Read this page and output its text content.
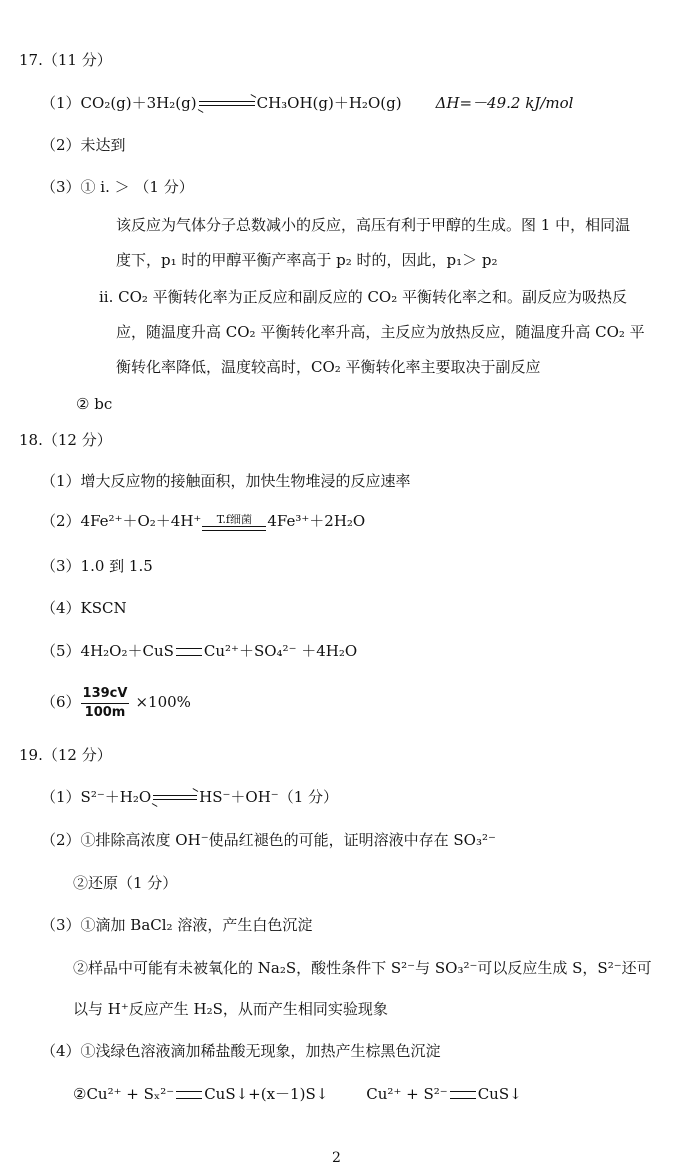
17.（11 分）
（1）CO₂(g)＋3H₂(g)	CH₃OH(g)＋H₂O(g) ΔH=－49.2 kJ/mol
（2）未达到
（3）① i. ＞ （1 分）
该反应为气体分子总数减小的反应，高压有利于甲醇的生成。图 1 中，相同温
度下，p₁ 时的甲醇平衡产率高于 p₂ 时的，因此，p₁＞ p₂
ii. CO₂ 平衡转化率为正反应和副反应的 CO₂ 平衡转化率之和。副反应为吸热反
应，随温度升高 CO₂ 平衡转化率升高，主反应为放热反应，随温度升高 CO₂ 平
衡转化率降低，温度较高时，CO₂ 平衡转化率主要取决于副反应
② bc
18.（12 分）
（1）增大反应物的接触面积，加快生物堆浸的反应速率
（2）4Fe²⁺＋O₂＋4H⁺	T.f细菌	4Fe³⁺＋2H₂O
（3）1.0 到 1.5
（4）KSCN
（5）4H₂O₂＋CuS Cu²⁺＋SO₄²⁻ ＋4H₂O
$(6) \frac{139cV}{100m} \times 100\%$
19.（12 分）
（1）S²⁻＋H₂O	HS⁻＋OH⁻（1 分）
（2）①排除高浓度 OH⁻使品红褪色的可能，证明溶液中存在 SO₃²⁻
②还原（1 分）
（3）①滴加 BaCl₂ 溶液，产生白色沉淀
②样品中可能有未被氧化的 Na₂S，酸性条件下 S²⁻与 SO₃²⁻可以反应生成 S，S²⁻还可
以与 H⁺反应产生 H₂S，从而产生相同实验现象
（4）①浅绿色溶液滴加稀盐酸无现象，加热产生棕黑色沉淀
②Cu²⁺ + Sₓ²⁻ CuS↓+(x－1)S↓	Cu²⁺ + S²⁻ CuS↓
2
